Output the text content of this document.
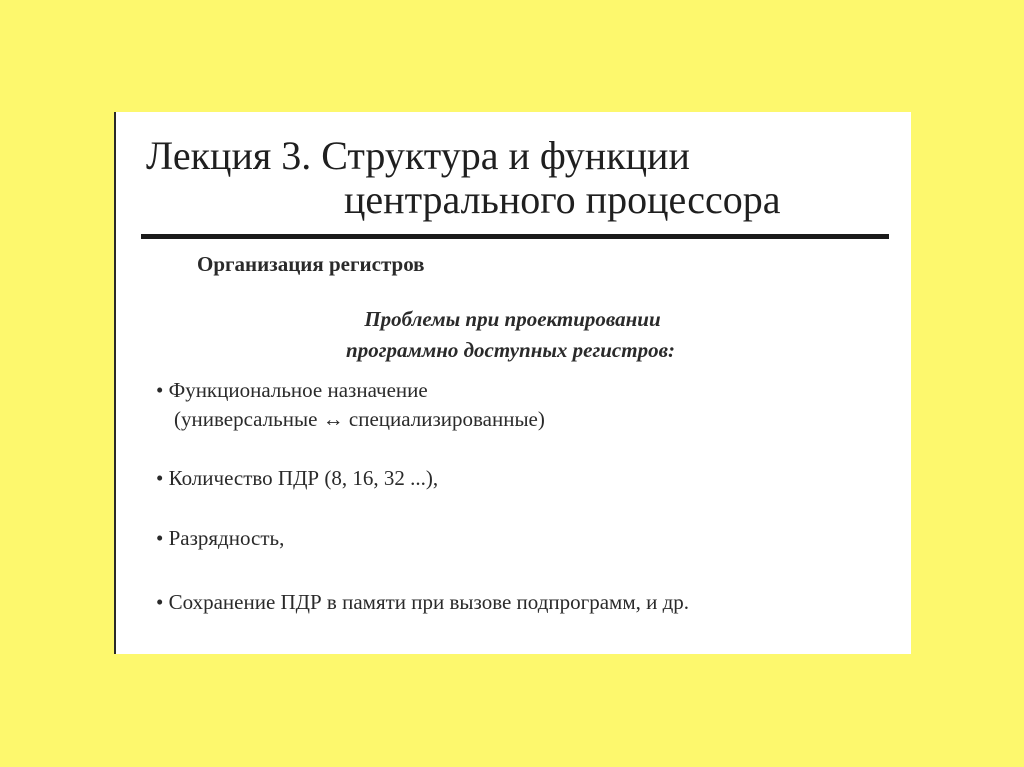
Лекция 3. Структура и функции
центрального процессора
Организация регистров
Проблемы при проектировании
программно доступных регистров:
• Функциональное назначение
(универсальные ↔ специализированные)
• Количество ПДР (8, 16, 32 ...),
• Разрядность,
• Сохранение ПДР в памяти при вызове подпрограмм, и др.
